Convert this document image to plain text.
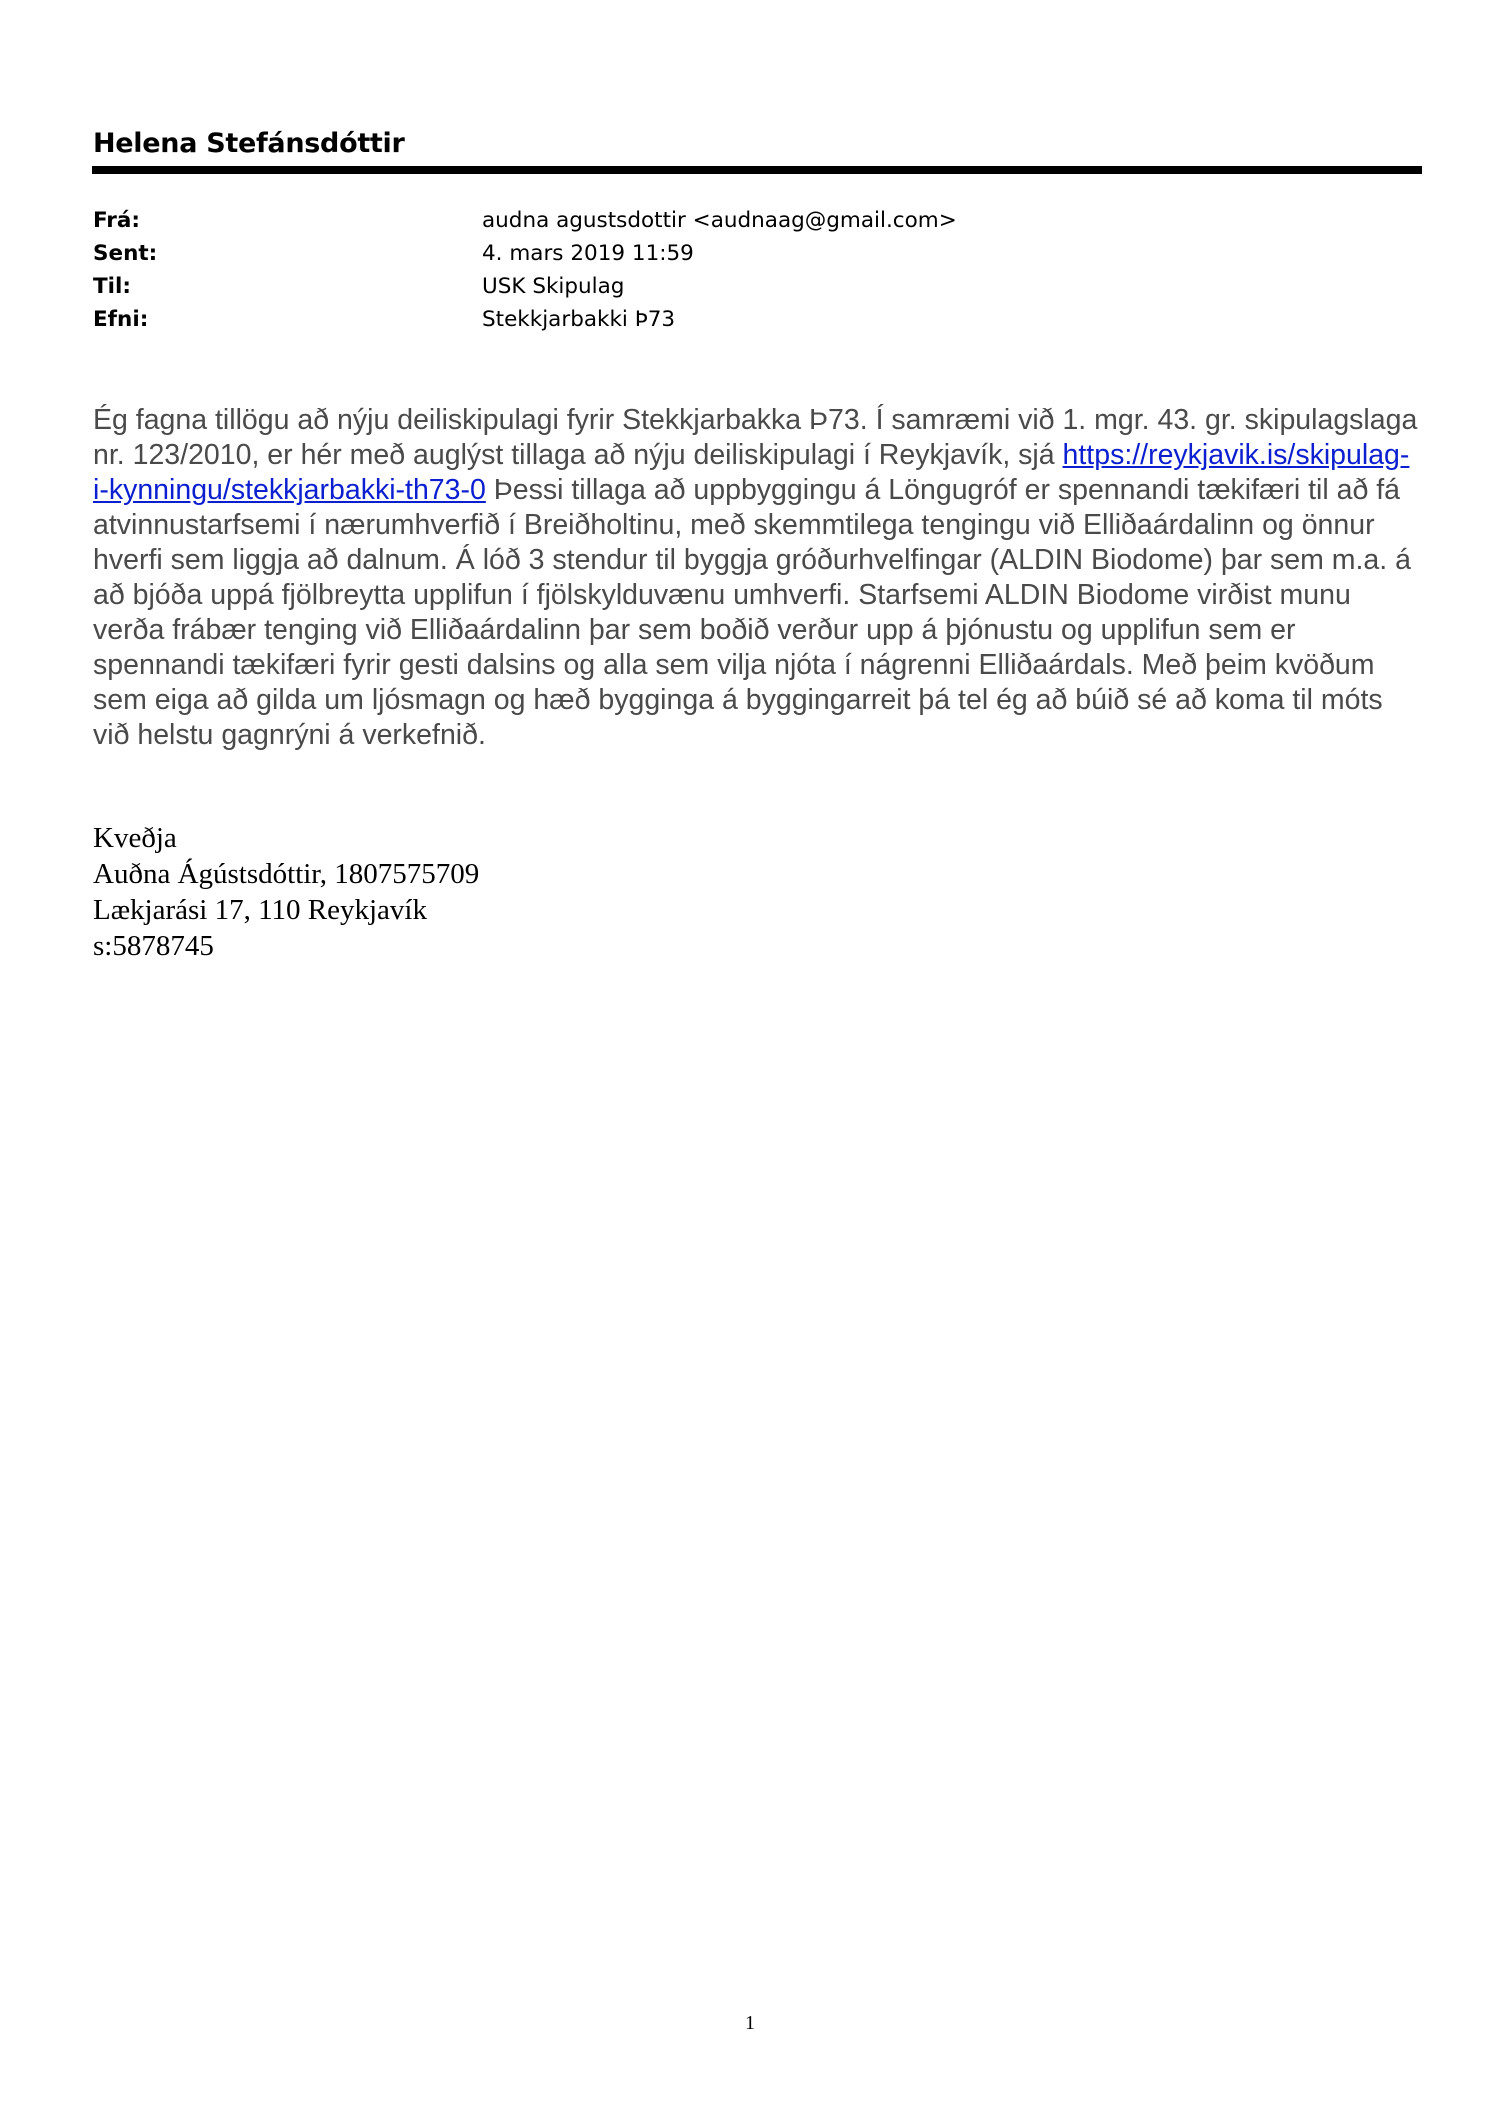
Helena Stefánsdóttir
Frá:	audna agustsdottir <audnaag@gmail.com>
Sent:	4. mars 2019 11:59
Til:	USK Skipulag
Efni:	Stekkjarbakki Þ73

Ég fagna tillögu að nýju deiliskipulagi fyrir Stekkjarbakka Þ73. Í samræmi við 1. mgr. 43. gr. skipulagslaga nr. 123/2010, er hér með auglýst tillaga að nýju deiliskipulagi í Reykjavík, sjá https://reykjavik.is/skipulag-i-kynningu/stekkjarbakki-th73-0 Þessi tillaga að uppbyggingu á Löngugróf er spennandi tækifæri til að fá atvinnustarfsemi í nærumhverfið í Breiðholtinu, með skemmtilega tengingu við Elliðaárdalinn og önnur hverfi sem liggja að dalnum. Á lóð 3 stendur til byggja gróðurhvelfingar (ALDIN Biodome) þar sem m.a. á að bjóða uppá fjölbreytta upplifun í fjölskylduvænu umhverfi. Starfsemi ALDIN Biodome virðist munu verða frábær tenging við Elliðaárdalinn þar sem boðið verður upp á þjónustu og upplifun sem er spennandi tækifæri fyrir gesti dalsins og alla sem vilja njóta í nágrenni Elliðaárdals. Með þeim kvöðum sem eiga að gilda um ljósmagn og hæð bygginga á byggingarreit þá tel ég að búið sé að koma til móts við helstu gagnrýni á verkefnið.

Kveðja
Auðna Ágústsdóttir, 1807575709
Lækjarási 17, 110 Reykjavík
s:5878745
1
